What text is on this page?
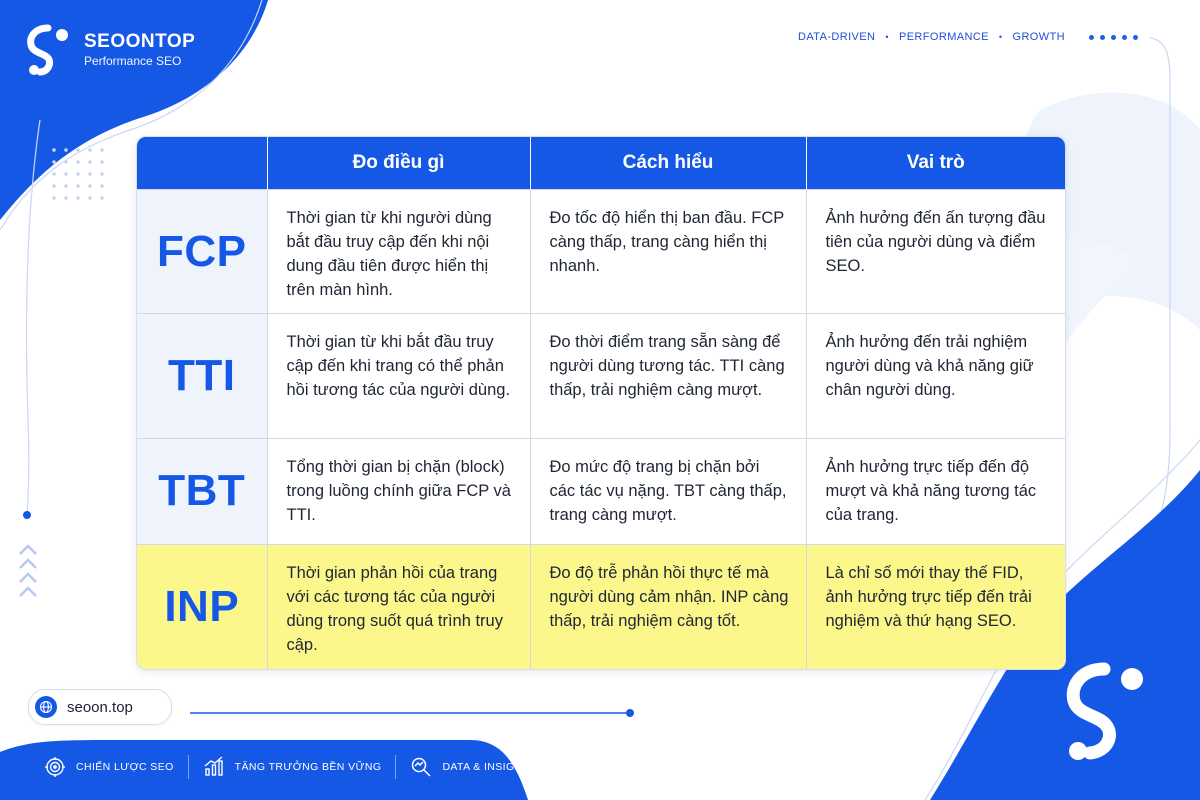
SEOONTOP
Performance SEO
DATA-DRIVEN • PERFORMANCE • GROWTH
	Đo điều gì	Cách hiểu	Vai trò
FCP	Thời gian từ khi người dùng bắt đầu truy cập đến khi nội dung đầu tiên được hiển thị trên màn hình.	Đo tốc độ hiển thị ban đầu. FCP càng thấp, trang càng hiển thị nhanh.	Ảnh hưởng đến ấn tượng đầu tiên của người dùng và điểm SEO.
TTI	Thời gian từ khi bắt đầu truy cập đến khi trang có thể phản hồi tương tác của người dùng.	Đo thời điểm trang sẵn sàng để người dùng tương tác. TTI càng thấp, trải nghiệm càng mượt.	Ảnh hưởng đến trải nghiệm người dùng và khả năng giữ chân người dùng.
TBT	Tổng thời gian bị chặn (block) trong luồng chính giữa FCP và TTI.	Đo mức độ trang bị chặn bởi các tác vụ nặng. TBT càng thấp, trang càng mượt.	Ảnh hưởng trực tiếp đến độ mượt và khả năng tương tác của trang.
INP	Thời gian phản hồi của trang với các tương tác của người dùng trong suốt quá trình truy cập.	Đo độ trễ phản hồi thực tế mà người dùng cảm nhận. INP càng thấp, trải nghiệm càng tốt.	Là chỉ số mới thay thế FID, ảnh hưởng trực tiếp đến trải nghiệm và thứ hạng SEO.
seoon.top
CHIẾN LƯỢC SEO	TĂNG TRƯỞNG BỀN VỮNG	DATA & INSIGHT
